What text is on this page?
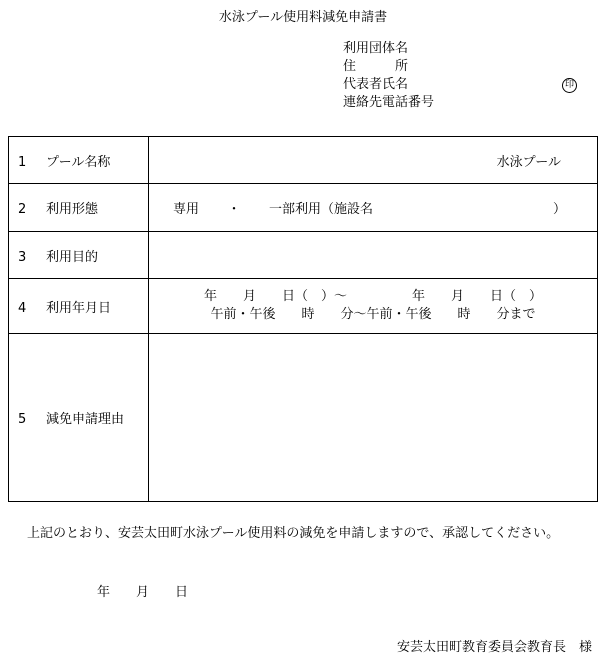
水泳プール使用料減免申請書
利用団体名
住　　　所
代表者氏名
連絡先電話番号
印
1 プール名称	水泳プール
2 利用形態	専用 ・ 一部利用（施設名 ）
3 利用目的	
4 利用年月日	年　　月　　日（　）～　　　　　年　　月　　日（　）
午前・午後　　時　　分～午前・午後　　時　　分まで

5 減免申請理由	
上記のとおり、安芸太田町水泳プール使用料の減免を申請しますので、承認してください。
年　　月　　日
安芸太田町教育委員会教育長　様
